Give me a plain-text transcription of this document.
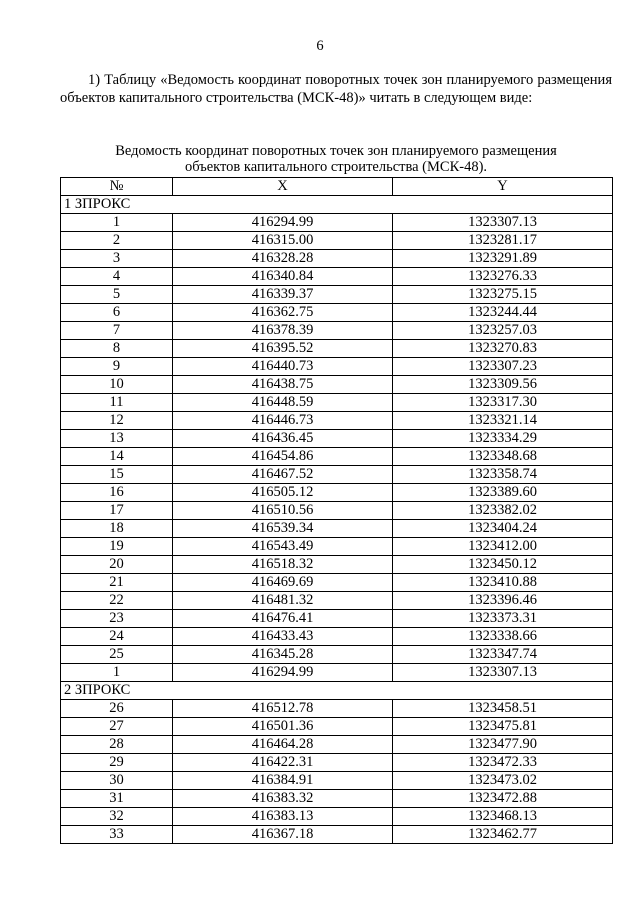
6

1) Таблицу «Ведомость координат поворотных точек зон планируемого размещения объектов капитального строительства (МСК-48)» читать в следующем виде:

Ведомость координат поворотных точек зон планируемого размещения
объектов капитального строительства (МСК-48).
№	X	Y
1 ЗПРОКС		
1	416294.99	1323307.13
2	416315.00	1323281.17
3	416328.28	1323291.89
4	416340.84	1323276.33
5	416339.37	1323275.15
6	416362.75	1323244.44
7	416378.39	1323257.03
8	416395.52	1323270.83
9	416440.73	1323307.23
10	416438.75	1323309.56
11	416448.59	1323317.30
12	416446.73	1323321.14
13	416436.45	1323334.29
14	416454.86	1323348.68
15	416467.52	1323358.74
16	416505.12	1323389.60
17	416510.56	1323382.02
18	416539.34	1323404.24
19	416543.49	1323412.00
20	416518.32	1323450.12
21	416469.69	1323410.88
22	416481.32	1323396.46
23	416476.41	1323373.31
24	416433.43	1323338.66
25	416345.28	1323347.74
1	416294.99	1323307.13
2 ЗПРОКС		
26	416512.78	1323458.51
27	416501.36	1323475.81
28	416464.28	1323477.90
29	416422.31	1323472.33
30	416384.91	1323473.02
31	416383.32	1323472.88
32	416383.13	1323468.13
33	416367.18	1323462.77
